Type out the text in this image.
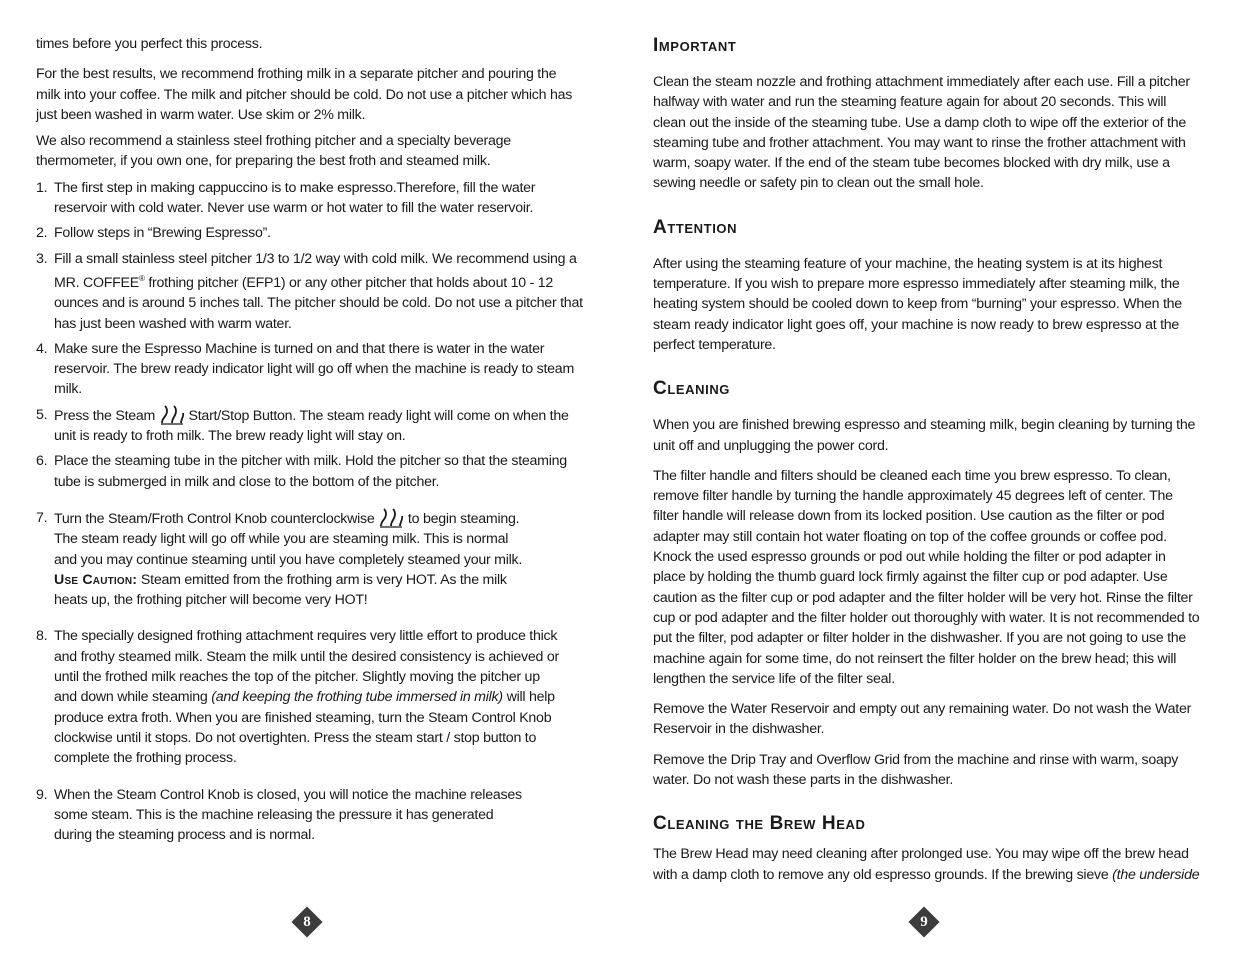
times before you perfect this process.

For the best results, we recommend frothing milk in a separate pitcher and pouring the milk into your coffee. The milk and pitcher should be cold. Do not use a pitcher which has just been washed in warm water. Use skim or 2% milk.

We also recommend a stainless steel frothing pitcher and a specialty beverage thermometer, if you own one, for preparing the best froth and steamed milk.

1. The first step in making cappuccino is to make espresso.Therefore, fill the water reservoir with cold water. Never use warm or hot water to fill the water reservoir.
2. Follow steps in “Brewing Espresso”.
3. Fill a small stainless steel pitcher 1/3 to 1/2 way with cold milk. We recommend using a MR. COFFEE® frothing pitcher (EFP1) or any other pitcher that holds about 10 - 12 ounces and is around 5 inches tall. The pitcher should be cold. Do not use a pitcher that has just been washed with warm water.
4. Make sure the Espresso Machine is turned on and that there is water in the water reservoir. The brew ready indicator light will go off when the machine is ready to steam milk.
5. Press the Steam  Start/Stop Button. The steam ready light will come on when the unit is ready to froth milk. The brew ready light will stay on.
6. Place the steaming tube in the pitcher with milk. Hold the pitcher so that the steaming tube is submerged in milk and close to the bottom of the pitcher.
7. Turn the Steam/Froth Control Knob counterclockwise  to begin steaming. The steam ready light will go off while you are steaming milk. This is normal and you may continue steaming until you have completely steamed your milk. Use Caution: Steam emitted from the frothing arm is very HOT. As the milk heats up, the frothing pitcher will become very HOT!
8. The specially designed frothing attachment requires very little effort to produce thick and frothy steamed milk. Steam the milk until the desired consistency is achieved or until the frothed milk reaches the top of the pitcher. Slightly moving the pitcher up and down while steaming (and keeping the frothing tube immersed in milk) will help produce extra froth. When you are finished steaming, turn the Steam Control Knob clockwise until it stops. Do not overtighten. Press the steam start / stop button to complete the frothing process.
9. When the Steam Control Knob is closed, you will notice the machine releases some steam. This is the machine releasing the pressure it has generated during the steaming process and is normal.
8
Important

Clean the steam nozzle and frothing attachment immediately after each use. Fill a pitcher halfway with water and run the steaming feature again for about 20 seconds. This will clean out the inside of the steaming tube. Use a damp cloth to wipe off the exterior of the steaming tube and frother attachment. You may want to rinse the frother attachment with warm, soapy water. If the end of the steam tube becomes blocked with dry milk, use a sewing needle or safety pin to clean out the small hole.

Attention

After using the steaming feature of your machine, the heating system is at its highest temperature. If you wish to prepare more espresso immediately after steaming milk, the heating system should be cooled down to keep from “burning” your espresso. When the steam ready indicator light goes off, your machine is now ready to brew espresso at the perfect temperature.

Cleaning

When you are finished brewing espresso and steaming milk, begin cleaning by turning the unit off and unplugging the power cord.

The filter handle and filters should be cleaned each time you brew espresso. To clean, remove filter handle by turning the handle approximately 45 degrees left of center. The filter handle will release down from its locked position. Use caution as the filter or pod adapter may still contain hot water floating on top of the coffee grounds or coffee pod. Knock the used espresso grounds or pod out while holding the filter or pod adapter in place by holding the thumb guard lock firmly against the filter cup or pod adapter. Use caution as the filter cup or pod adapter and the filter holder will be very hot. Rinse the filter cup or pod adapter and the filter holder out thoroughly with water. It is not recommended to put the filter, pod adapter or filter holder in the dishwasher. If you are not going to use the machine again for some time, do not reinsert the filter holder on the brew head; this will lengthen the service life of the filter seal.

Remove the Water Reservoir and empty out any remaining water. Do not wash the Water Reservoir in the dishwasher.

Remove the Drip Tray and Overflow Grid from the machine and rinse with warm, soapy water. Do not wash these parts in the dishwasher.

Cleaning the Brew Head

The Brew Head may need cleaning after prolonged use. You may wipe off the brew head with a damp cloth to remove any old espresso grounds. If the brewing sieve (the underside

9
